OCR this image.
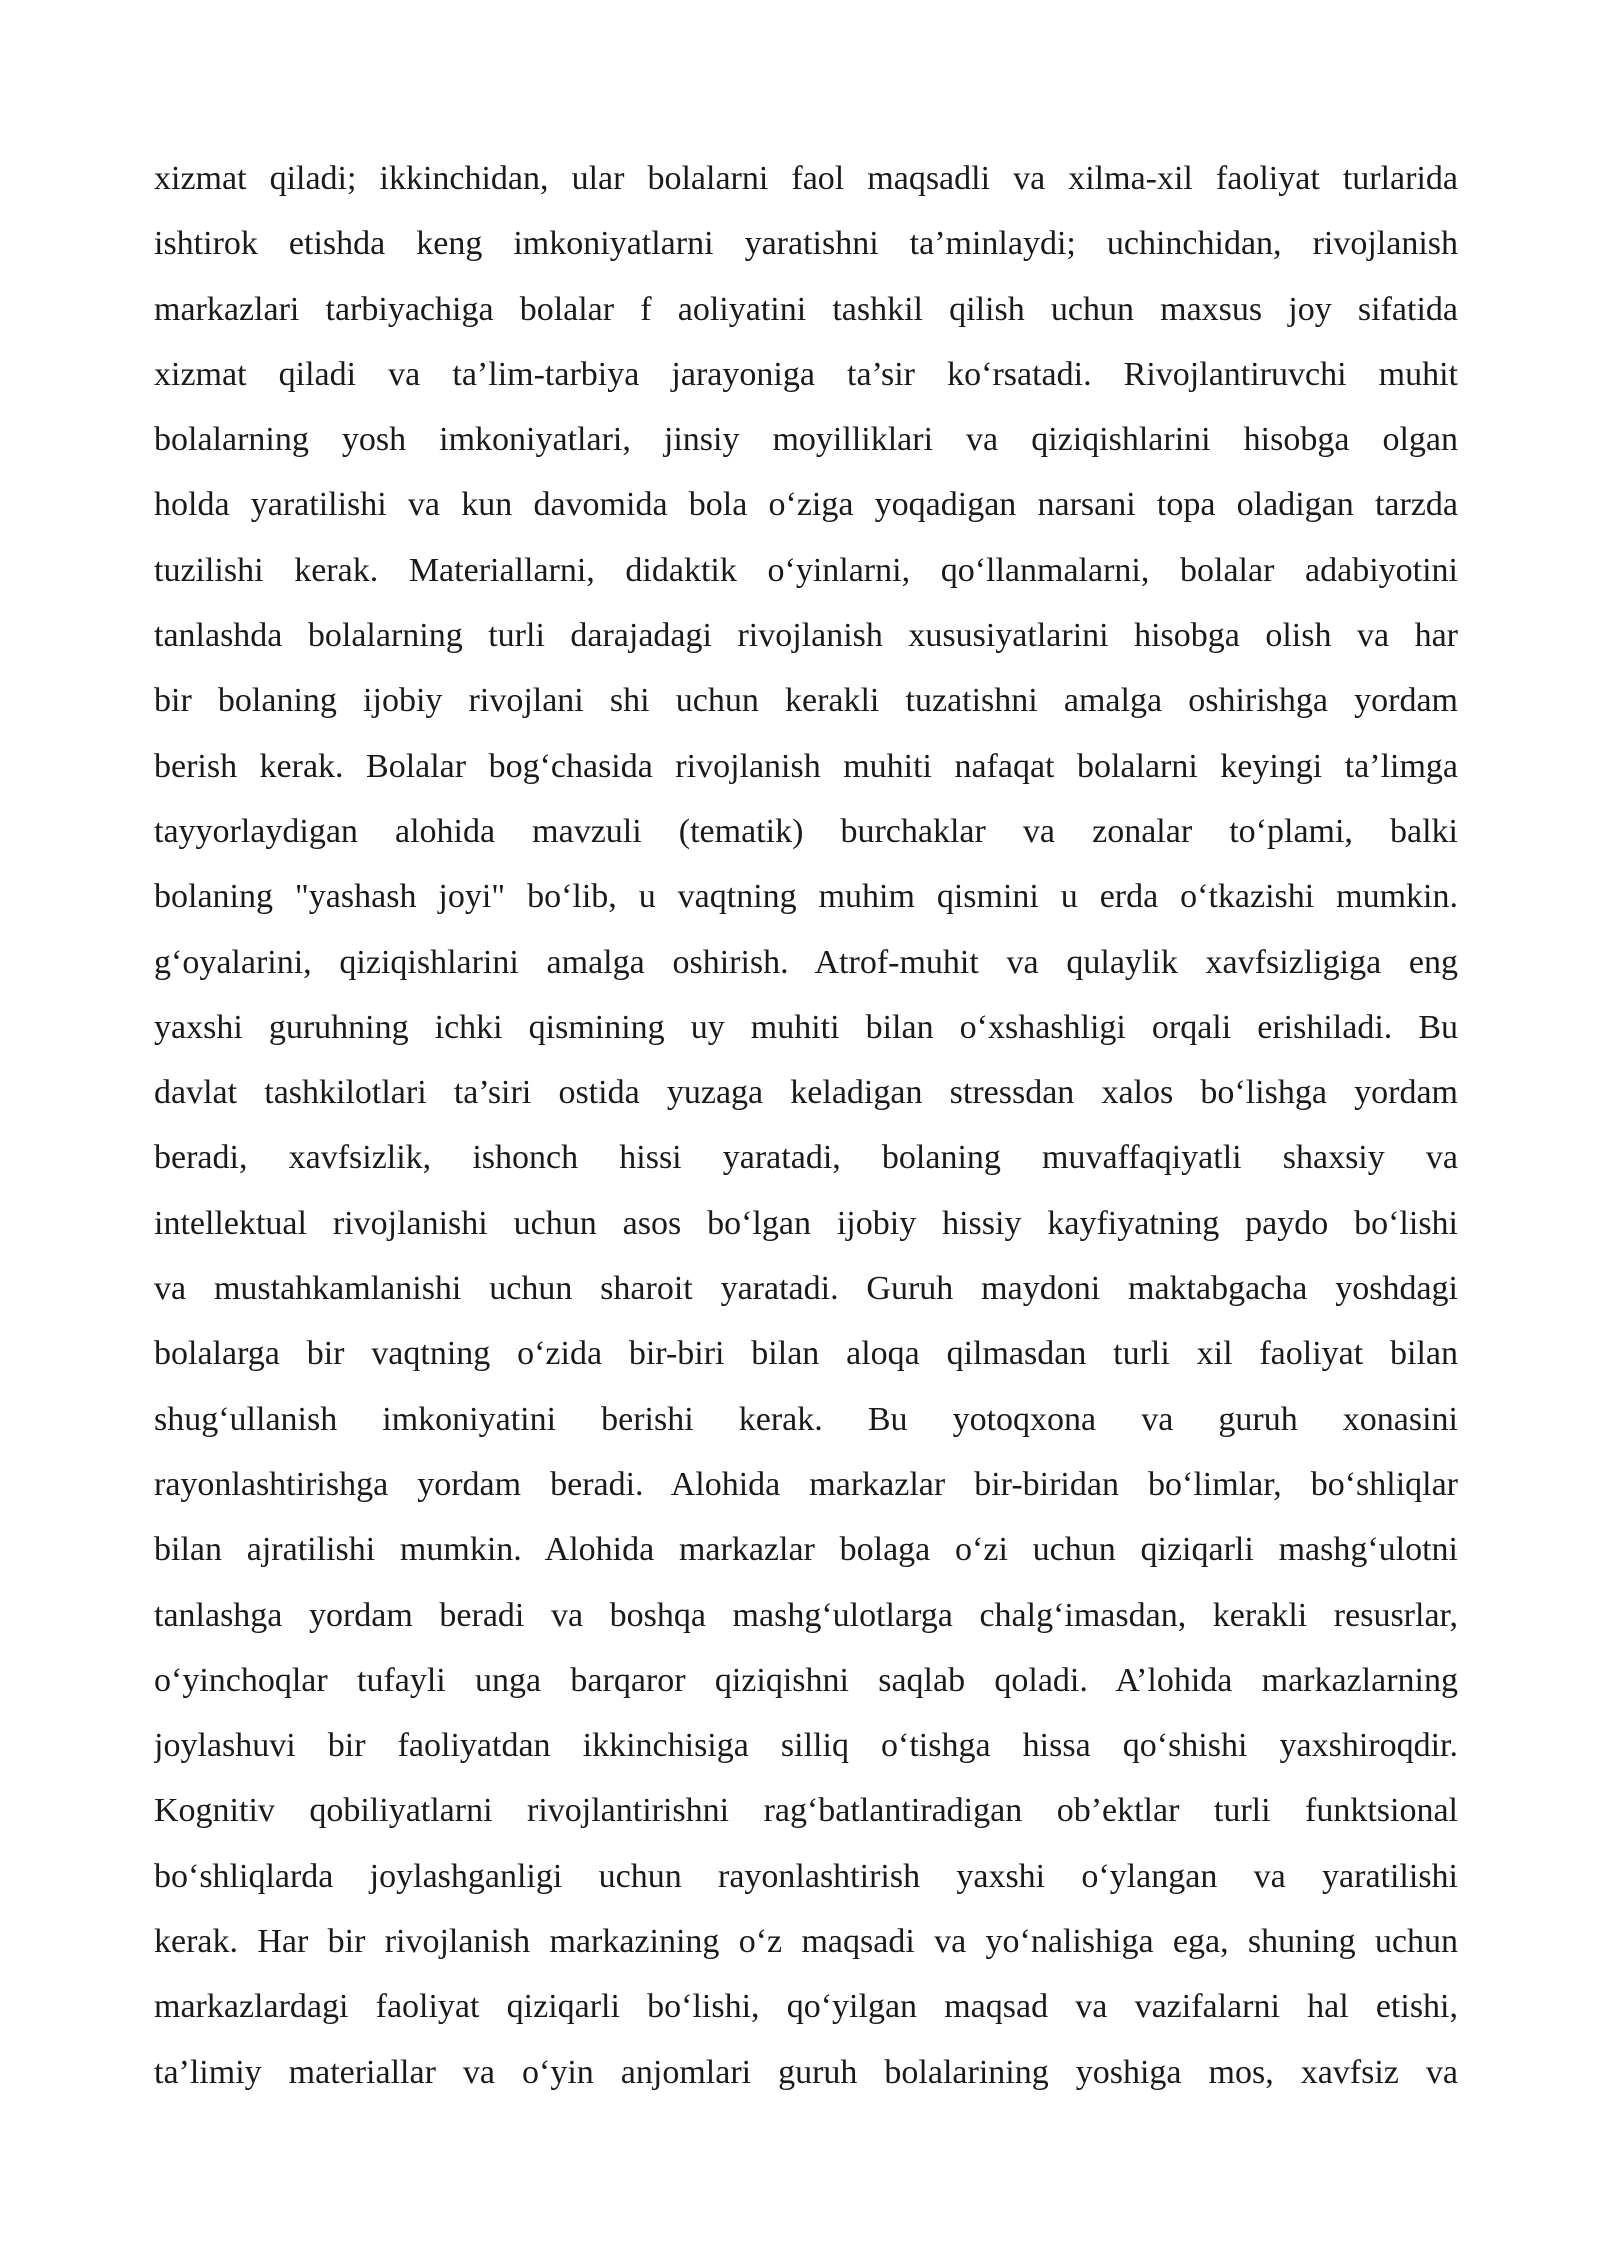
xizmat qiladi; ikkinchidan, ular bolalarni faol maqsadli va xilma-xil faoliyat turlarida
ishtirok etishda keng imkoniyatlarni yaratishni ta’minlaydi; uchinchidan, rivojlanish
markazlari tarbiyachiga bolalar f aoliyatini tashkil qilish uchun maxsus joy sifatida
xizmat qiladi va ta’lim-tarbiya jarayoniga ta’sir ko‘rsatadi. Rivojlantiruvchi muhit
bolalarning yosh imkoniyatlari, jinsiy moyilliklari va qiziqishlarini hisobga olgan
holda yaratilishi va kun davomida bola o‘ziga yoqadigan narsani topa oladigan tarzda
tuzilishi kerak. Materiallarni, didaktik o‘yinlarni, qo‘llanmalarni, bolalar adabiyotini
tanlashda bolalarning turli darajadagi rivojlanish xususiyatlarini hisobga olish va har
bir bolaning ijobiy rivojlani shi uchun kerakli tuzatishni amalga oshirishga yordam
berish kerak. Bolalar bog‘chasida rivojlanish muhiti nafaqat bolalarni keyingi ta’limga
tayyorlaydigan alohida mavzuli (tematik) burchaklar va zonalar to‘plami, balki
bolaning "yashash joyi" bo‘lib, u vaqtning muhim qismini u erda o‘tkazishi mumkin.
g‘oyalarini, qiziqishlarini amalga oshirish. Atrof-muhit va qulaylik xavfsizligiga eng
yaxshi guruhning ichki qismining uy muhiti bilan o‘xshashligi orqali erishiladi. Bu
davlat tashkilotlari ta’siri ostida yuzaga keladigan stressdan xalos bo‘lishga yordam
beradi, xavfsizlik, ishonch hissi yaratadi, bolaning muvaffaqiyatli shaxsiy va
intellektual rivojlanishi uchun asos bo‘lgan ijobiy hissiy kayfiyatning paydo bo‘lishi
va mustahkamlanishi uchun sharoit yaratadi. Guruh maydoni maktabgacha yoshdagi
bolalarga bir vaqtning o‘zida bir-biri bilan aloqa qilmasdan turli xil faoliyat bilan
shug‘ullanish imkoniyatini berishi kerak. Bu yotoqxona va guruh xonasini
rayonlashtirishga yordam beradi. Alohida markazlar bir-biridan bo‘limlar, bo‘shliqlar
bilan ajratilishi mumkin. Alohida markazlar bolaga o‘zi uchun qiziqarli mashg‘ulotni
tanlashga yordam beradi va boshqa mashg‘ulotlarga chalg‘imasdan, kerakli resusrlar,
o‘yinchoqlar tufayli unga barqaror qiziqishni saqlab qoladi. A’lohida markazlarning
joylashuvi bir faoliyatdan ikkinchisiga silliq o‘tishga hissa qo‘shishi yaxshiroqdir.
Kognitiv qobiliyatlarni rivojlantirishni rag‘batlantiradigan ob’ektlar turli funktsional
bo‘shliqlarda joylashganligi uchun rayonlashtirish yaxshi o‘ylangan va yaratilishi
kerak. Har bir rivojlanish markazining o‘z maqsadi va yo‘nalishiga ega, shuning uchun
markazlardagi faoliyat qiziqarli bo‘lishi, qo‘yilgan maqsad va vazifalarni hal etishi,
ta’limiy materiallar va o‘yin anjomlari guruh bolalarining yoshiga mos, xavfsiz va
